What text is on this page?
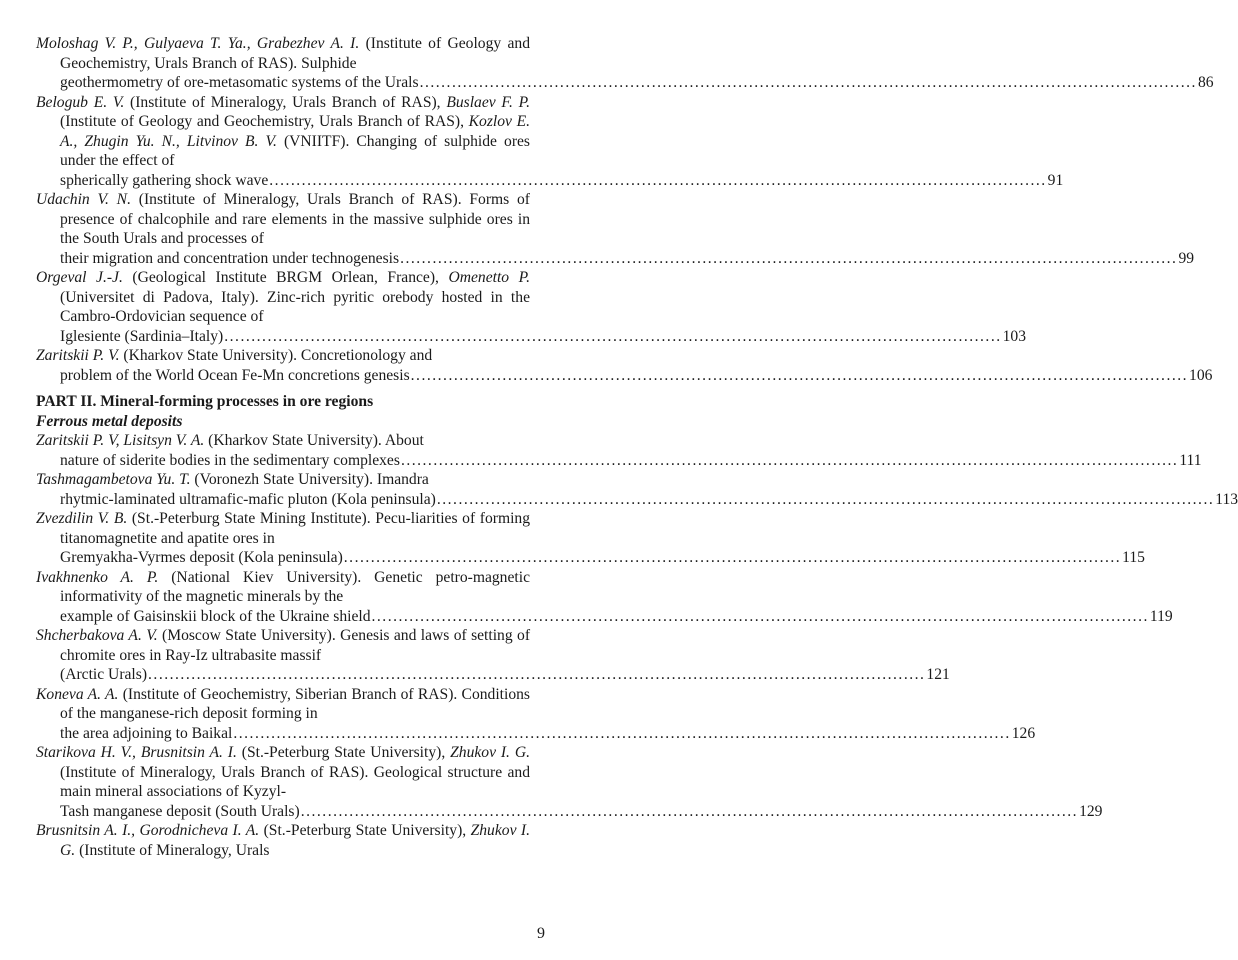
Moloshag V. P., Gulyaeva T. Ya., Grabezhev A. I. (Institute of Geology and Geochemistry, Urals Branch of RAS). Sulphide
geothermometry of ore-metasomatic systems of the Urals .....	86
Belogub E. V. (Institute of Mineralogy, Urals Branch of RAS), Buslaev F. P. (Institute of Geology and Geochemistry, Urals Branch of RAS), Kozlov E. A., Zhugin Yu. N., Litvinov B. V. (VNIITF). Changing of sulphide ores under the effect of
spherically gathering shock wave .....	91
Udachin V. N. (Institute of Mineralogy, Urals Branch of RAS). Forms of presence of chalcophile and rare elements in the massive sulphide ores in the South Urals and processes of
their migration and concentration under technogenesis .....	99
Orgeval J.-J. (Geological Institute BRGM Orlean, France), Omenetto P. (Universitet di Padova, Italy). Zinc-rich pyritic orebody hosted in the Cambro-Ordovician sequence of
Iglesiente (Sardinia–Italy) .....	103
Zaritskii P. V. (Kharkov State University). Concretionology and
problem of the World Ocean Fe-Mn concretions genesis .....	106
PART II. Mineral-forming processes in ore regions
Ferrous metal deposits
Zaritskii P. V, Lisitsyn V. A. (Kharkov State University). About
nature of siderite bodies in the sedimentary complexes .....	111
Tashmagambetova Yu. T. (Voronezh State University). Imandra
rhytmic-laminated ultramafic-mafic pluton (Kola peninsula) .....	113
Zvezdilin V. B. (St.-Peterburg State Mining Institute). Pecu-liarities of forming titanomagnetite and apatite ores in
Gremyakha-Vyrmes deposit (Kola peninsula) .....	115
Ivakhnenko A. P. (National Kiev University). Genetic petro-magnetic informativity of the magnetic minerals by the
example of Gaisinskii block of the Ukraine shield .....	119
Shcherbakova A. V. (Moscow State University). Genesis and laws of setting of chromite ores in Ray-Iz ultrabasite massif
(Arctic Urals) .....	121
Koneva A. A. (Institute of Geochemistry, Siberian Branch of RAS). Conditions of the manganese-rich deposit forming in
the area adjoining to Baikal .....	126
Starikova H. V., Brusnitsin A. I. (St.-Peterburg State University), Zhukov I. G. (Institute of Mineralogy, Urals Branch of RAS). Geological structure and main mineral associations of Kyzyl-
Tash manganese deposit (South Urals) .....	129
Brusnitsin A. I., Gorodnicheva I. A. (St.-Peterburg State University), Zhukov I. G. (Institute of Mineralogy, Urals
9
